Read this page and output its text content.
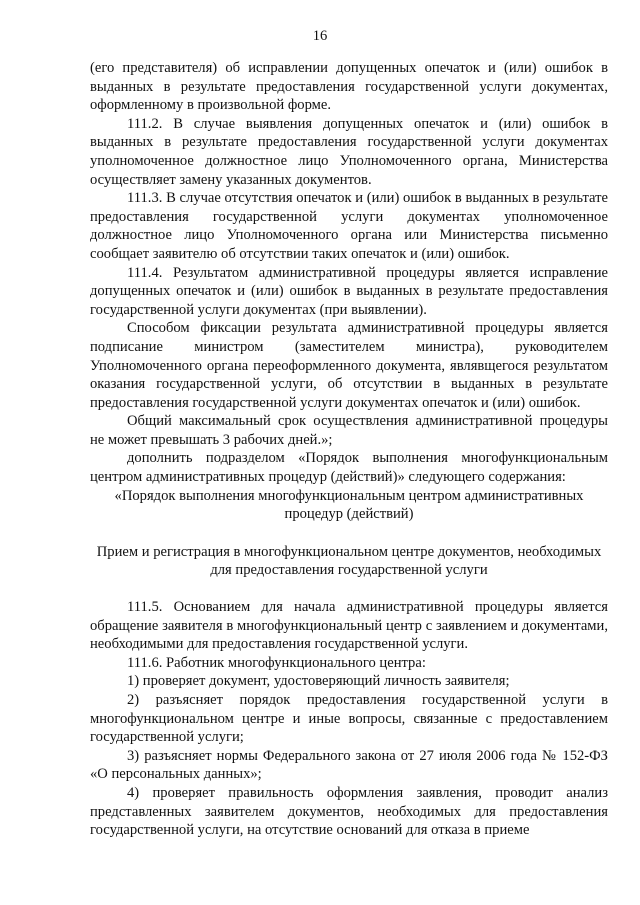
16

(его представителя) об исправлении допущенных опечаток и (или) ошибок в выданных в результате предоставления государственной услуги документах, оформленному в произвольной форме.

111.2. В случае выявления допущенных опечаток и (или) ошибок в выданных в результате предоставления государственной услуги документах уполномоченное должностное лицо Уполномоченного органа, Министерства осуществляет замену указанных документов.

111.3. В случае отсутствия опечаток и (или) ошибок в выданных в результате предоставления государственной услуги документах уполномоченное должностное лицо Уполномоченного органа или Министерства письменно сообщает заявителю об отсутствии таких опечаток и (или) ошибок.

111.4. Результатом административной процедуры является исправление допущенных опечаток и (или) ошибок в выданных в результате предоставления государственной услуги документах (при выявлении).

Способом фиксации результата административной процедуры является подписание министром (заместителем министра), руководителем Уполномоченного органа переоформленного документа, являвщегося результатом оказания государственной услуги, об отсутствии в выданных в результате предоставления государственной услуги документах опечаток и (или) ошибок.

Общий максимальный срок осуществления административной процедуры не может превышать 3 рабочих дней.»;

дополнить подразделом «Порядок выполнения многофункциональным центром административных процедур (действий)» следующего содержания:

«Порядок выполнения многофункциональным центром административных процедур (действий)

Прием и регистрация в многофункциональном центре документов, необходимых для предоставления государственной услуги

111.5. Основанием для начала административной процедуры является обращение заявителя в многофункциональный центр с заявлением и документами, необходимыми для предоставления государственной услуги.

111.6. Работник многофункционального центра:

1) проверяет документ, удостоверяющий личность заявителя;

2) разъясняет порядок предоставления государственной услуги в многофункциональном центре и иные вопросы, связанные с предоставлением государственной услуги;

3) разъясняет нормы Федерального закона от 27 июля 2006 года № 152-ФЗ «О персональных данных»;

4) проверяет правильность оформления заявления, проводит анализ представленных заявителем документов, необходимых для предоставления государственной услуги, на отсутствие оснований для отказа в приеме
